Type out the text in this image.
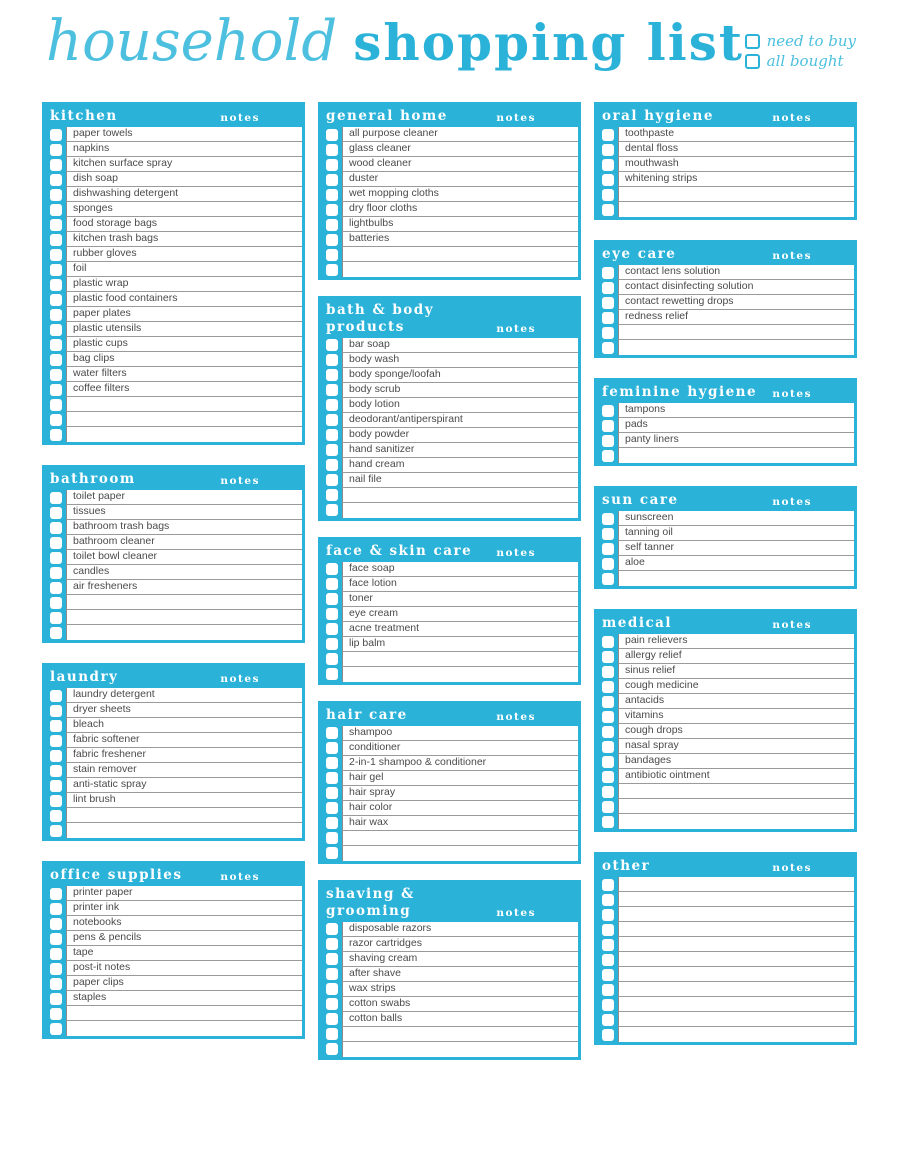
household shopping list need to buy
all bought
kitchen	notes
paper towels
napkins
kitchen surface spray
dish soap
dishwashing detergent
sponges
food storage bags
kitchen trash bags
rubber gloves
foil
plastic wrap
plastic food containers
paper plates
plastic utensils
plastic cups
bag clips
water filters
coffee filters
bathroom	notes
toilet paper
tissues
bathroom trash bags
bathroom cleaner
toilet bowl cleaner
candles
air fresheners
laundry	notes
laundry detergent
dryer sheets
bleach
fabric softener
fabric freshener
stain remover
anti-static spray
lint brush
office supplies	notes
printer paper
printer ink
notebooks
pens & pencils
tape
post-it notes
paper clips
staples
general home	notes
all purpose cleaner
glass cleaner
wood cleaner
duster
wet mopping cloths
dry floor cloths
lightbulbs
batteries
bath & body
products	notes
bar soap
body wash
body sponge/loofah
body scrub
body lotion
deodorant/antiperspirant
body powder
hand sanitizer
hand cream
nail file
face & skin care notes
face soap
face lotion
toner
eye cream
acne treatment
lip balm
hair care	notes
shampoo
conditioner
2-in-1 shampoo & conditioner
hair gel
hair spray
hair color
hair wax
shaving & grooming	notes
disposable razors
razor cartridges
shaving cream
after shave
wax strips
cotton swabs
cotton balls
oral hygiene	notes
toothpaste
dental floss
mouthwash
whitening strips
eye care	notes
contact lens solution
contact disinfecting solution
contact rewetting drops
redness relief
feminine hygiene notes
tampons
pads
panty liners
sun care	notes
sunscreen
tanning oil
self tanner
aloe
medical	notes
pain relievers
allergy relief
sinus relief
cough medicine
antacids
vitamins
cough drops
nasal spray
bandages
antibiotic ointment
other	notes
